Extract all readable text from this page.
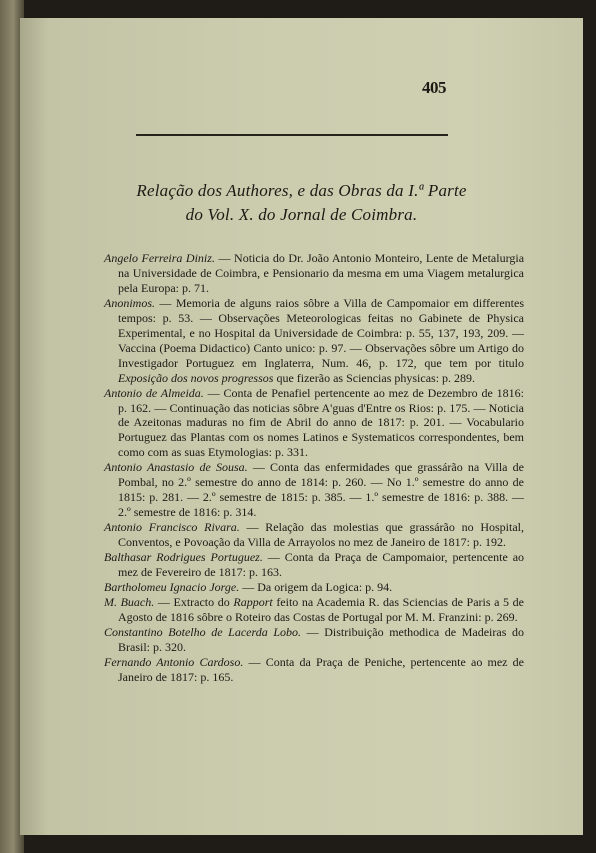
405
Relação dos Authores, e das Obras da I.ª Parte
do Vol. X. do Jornal de Coimbra.

Angelo Ferreira Diniz. — Noticia do Dr. João Antonio Monteiro, Lente de Metalurgia na Universidade de Coimbra, e Pensionario da mesma em uma Viagem metalurgica pela Europa: p. 71.

Anonimos. — Memoria de alguns raios sôbre a Villa de Campomaior em differentes tempos: p. 53. — Observações Meteorologicas feitas no Gabinete de Physica Experimental, e no Hospital da Universidade de Coimbra: p. 55, 137, 193, 209. — Vaccina (Poema Didactico) Canto unico: p. 97. — Observações sôbre um Artigo do Investigador Portuguez em Inglaterra, Num. 46, p. 172, que tem por titulo Exposição dos novos progressos que fizerão as Sciencias physicas: p. 289.

Antonio de Almeida. — Conta de Penafiel pertencente ao mez de Dezembro de 1816: p. 162. — Continuação das noticias sôbre A'guas d'Entre os Rios: p. 175. — Noticia de Azeitonas maduras no fim de Abril do anno de 1817: p. 201. — Vocabulario Portuguez das Plantas com os nomes Latinos e Systematicos correspondentes, bem como com as suas Etymologias: p. 331.

Antonio Anastasio de Sousa. — Conta das enfermidades que grassárão na Villa de Pombal, no 2.º semestre do anno de 1814: p. 260. — No 1.º semestre do anno de 1815: p. 281. — 2.º semestre de 1815: p. 385. — 1.º semestre de 1816: p. 388. — 2.º semestre de 1816: p. 314.

Antonio Francisco Rivara. — Relação das molestias que grassárão no Hospital, Conventos, e Povoação da Villa de Arrayolos no mez de Janeiro de 1817: p. 192.

Balthasar Rodrigues Portuguez. — Conta da Praça de Campomaior, pertencente ao mez de Fevereiro de 1817: p. 163.

Bartholomeu Ignacio Jorge. — Da origem da Logica: p. 94.

M. Buach. — Extracto do Rapport feito na Academia R. das Sciencias de Paris a 5 de Agosto de 1816 sôbre o Roteiro das Costas de Portugal por M. M. Franzini: p. 269.

Constantino Botelho de Lacerda Lobo. — Distribuição methodica de Madeiras do Brasil: p. 320.

Fernando Antonio Cardoso. — Conta da Praça de Peniche, pertencente ao mez de Janeiro de 1817: p. 165.
